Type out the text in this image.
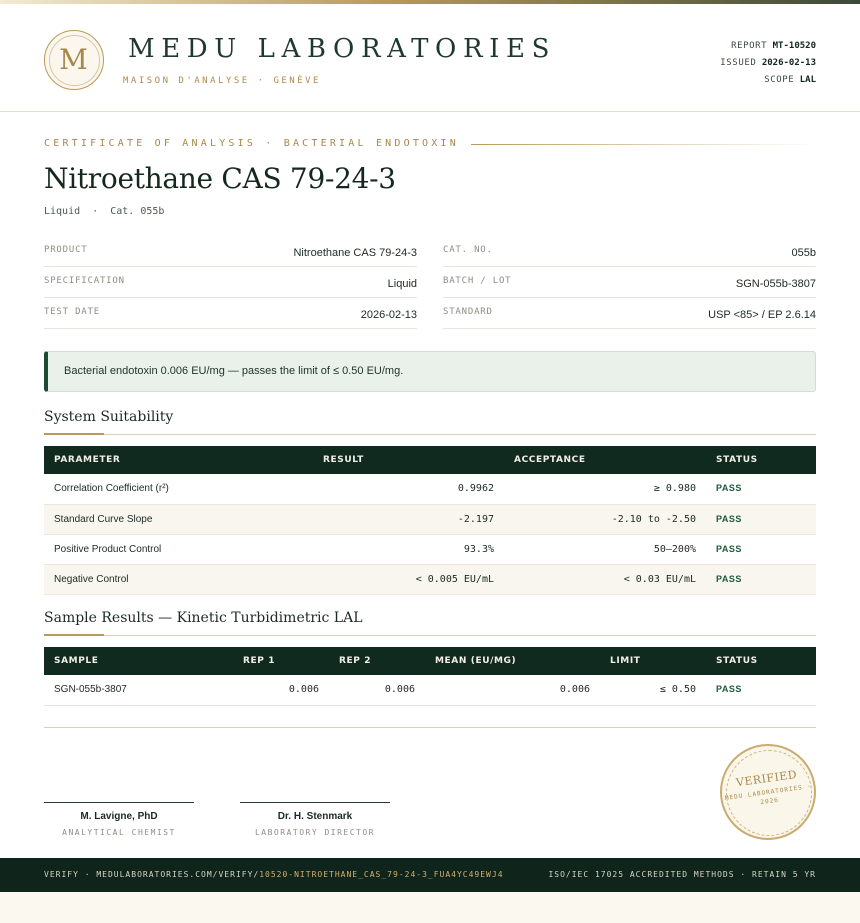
M	MEDU LABORATORIES
MAISON D'ANALYSE · GENÈVE
REPORT MT-10520
ISSUED 2026-02-13
SCOPE LAL
CERTIFICATE OF ANALYSIS · BACTERIAL ENDOTOXIN
Nitroethane CAS 79-24-3
Liquid  ·  Cat. 055b
PRODUCT	Nitroethane CAS 79-24-3
SPECIFICATION	Liquid
TEST DATE	2026-02-13
CAT. NO.	055b
BATCH / LOT	SGN-055b-3807
STANDARD	USP <85> / EP 2.6.14
Bacterial endotoxin 0.006 EU/mg — passes the limit of ≤ 0.50 EU/mg.
System Suitability
PARAMETER	RESULT	ACCEPTANCE	STATUS
Correlation Coefficient (r²)	0.9962	≥ 0.980	PASS
Standard Curve Slope	-2.197	-2.10 to -2.50	PASS
Positive Product Control	93.3%	50–200%	PASS
Negative Control	< 0.005 EU/mL	< 0.03 EU/mL	PASS
Sample Results — Kinetic Turbidimetric LAL
SAMPLE	REP 1	REP 2	MEAN (EU/MG)	LIMIT	STATUS
SGN-055b-3807	0.006	0.006	0.006	≤ 0.50	PASS
M. Lavigne, PhD
ANALYTICAL CHEMIST
Dr. H. Stenmark
LABORATORY DIRECTOR
VERIFIED
MEDU LABORATORIES · 2026
VERIFY · MEDULABORATORIES.COM/VERIFY/10520-NITROETHANE_CAS_79-24-3_FUA4YC49EWJ4	ISO/IEC 17025 ACCREDITED METHODS · RETAIN 5 YR
